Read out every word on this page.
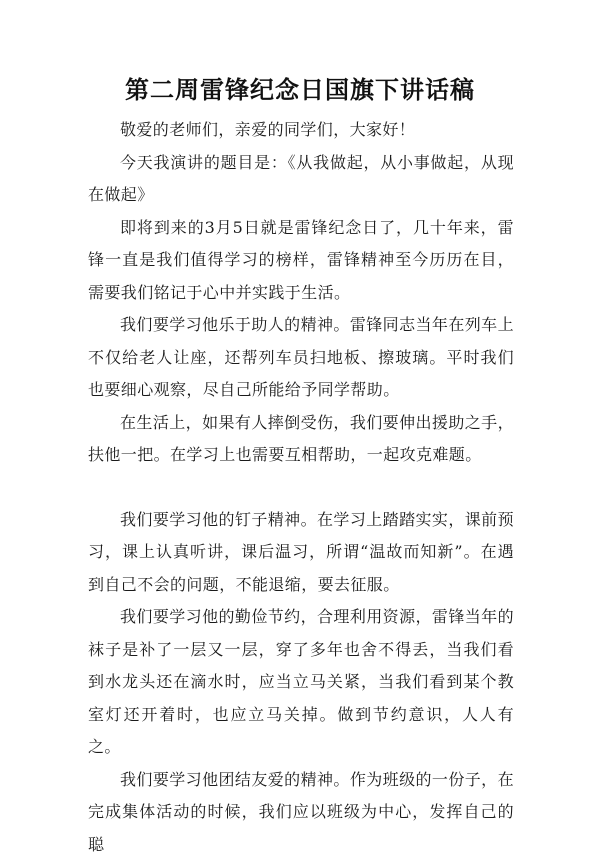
第二周雷锋纪念日国旗下讲话稿

敬爱的老师们，亲爱的同学们，大家好！

今天我演讲的题目是：《从我做起，从小事做起，从现在做起》

即将到来的3月5日就是雷锋纪念日了，几十年来，雷锋一直是我们值得学习的榜样，雷锋精神至今历历在目，需要我们铭记于心中并实践于生活。

我们要学习他乐于助人的精神。雷锋同志当年在列车上不仅给老人让座，还帮列车员扫地板、擦玻璃。平时我们也要细心观察，尽自己所能给予同学帮助。

在生活上，如果有人摔倒受伤，我们要伸出援助之手，扶他一把。在学习上也需要互相帮助，一起攻克难题。

我们要学习他的钉子精神。在学习上踏踏实实，课前预习，课上认真听讲，课后温习，所谓“温故而知新”。在遇到自己不会的问题，不能退缩，要去征服。

我们要学习他的勤俭节约，合理利用资源，雷锋当年的袜子是补了一层又一层，穿了多年也舍不得丢，当我们看到水龙头还在滴水时，应当立马关紧，当我们看到某个教室灯还开着时，也应立马关掉。做到节约意识，人人有之。

我们要学习他团结友爱的精神。作为班级的一份子，在完成集体活动的时候，我们应以班级为中心，发挥自己的聪
